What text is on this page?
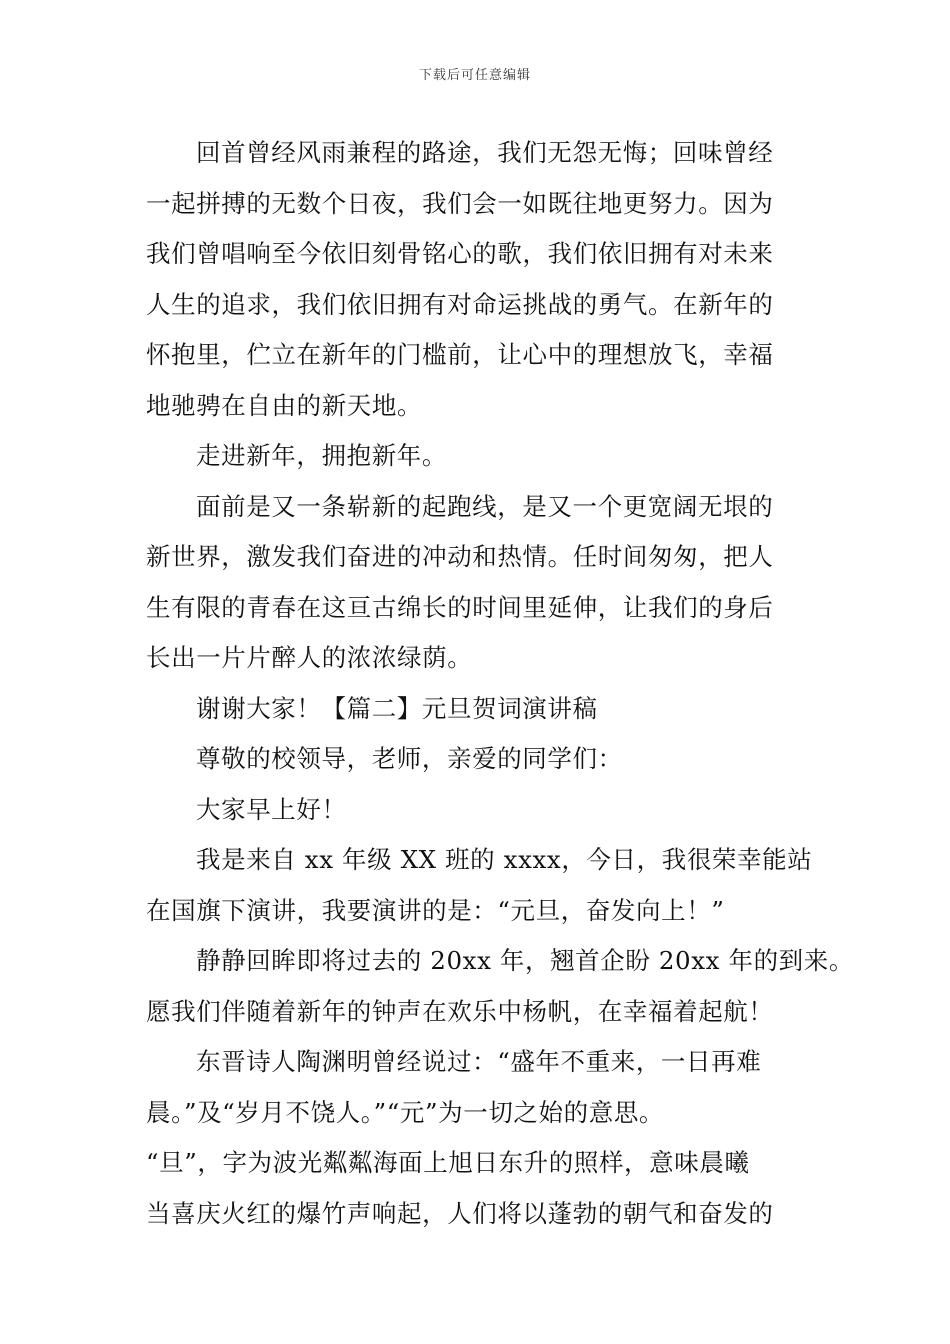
下载后可任意编辑
回首曾经风雨兼程的路途，我们无怨无悔；回味曾经
一起拼搏的无数个日夜，我们会一如既往地更努力。因为
我们曾唱响至今依旧刻骨铭心的歌，我们依旧拥有对未来
人生的追求，我们依旧拥有对命运挑战的勇气。在新年的
怀抱里，伫立在新年的门槛前，让心中的理想放飞，幸福
地驰骋在自由的新天地。
走进新年，拥抱新年。
面前是又一条崭新的起跑线，是又一个更宽阔无垠的
新世界，激发我们奋进的冲动和热情。任时间匆匆，把人
生有限的青春在这亘古绵长的时间里延伸，让我们的身后
长出一片片醉人的浓浓绿荫。
谢谢大家！【篇二】元旦贺词演讲稿
尊敬的校领导，老师，亲爱的同学们：
大家早上好！
我是来自 xx 年级 XX 班的 xxxx，今日，我很荣幸能站
在国旗下演讲，我要演讲的是：“元旦，奋发向上！”
静静回眸即将过去的 20xx 年，翘首企盼 20xx 年的到来。
愿我们伴随着新年的钟声在欢乐中杨帆，在幸福着起航！
东晋诗人陶渊明曾经说过：“盛年不重来，一日再难
晨。”及“岁月不饶人。”“元”为一切之始的意思。
“旦”，字为波光粼粼海面上旭日东升的照样，意味晨曦
当喜庆火红的爆竹声响起，人们将以蓬勃的朝气和奋发的
